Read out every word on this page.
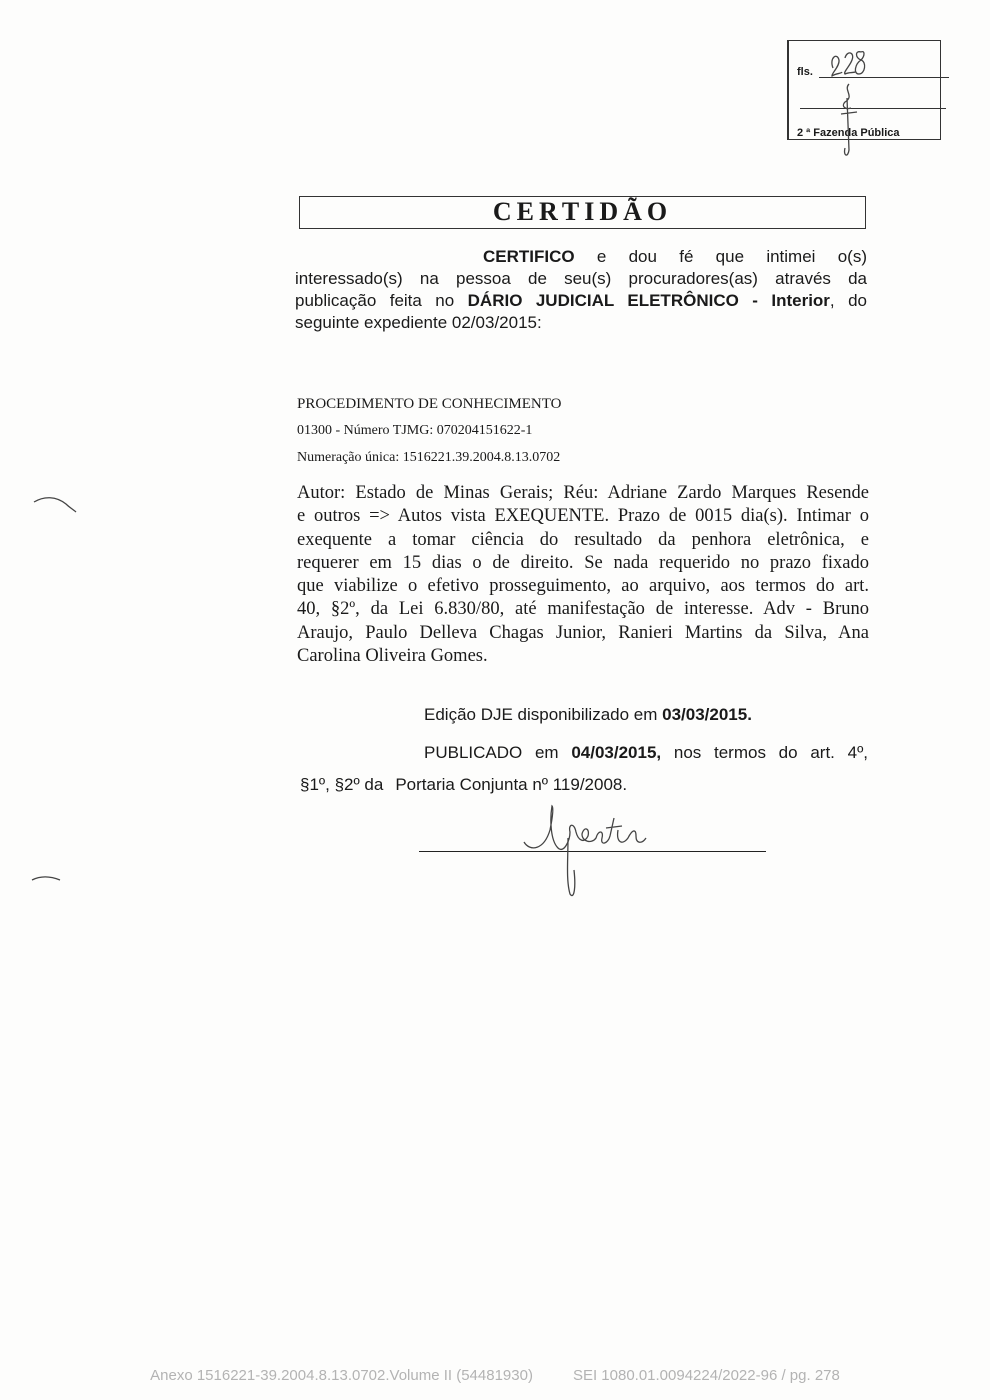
fls.
2 ª Fazenda Pública
CERTIDÃO
CERTIFICO e dou fé que intimei o(s)
interessado(s) na pessoa de seu(s) procuradores(as) através da
publicação feita no DÁRIO JUDICIAL ELETRÔNICO - Interior, do
seguinte expediente 02/03/2015:
PROCEDIMENTO DE CONHECIMENTO
01300 - Número TJMG: 070204151622-1
Numeração única: 1516221.39.2004.8.13.0702
Autor: Estado de Minas Gerais; Réu: Adriane Zardo Marques Resende
e outros => Autos vista EXEQUENTE. Prazo de 0015 dia(s). Intimar o
exequente a tomar ciência do resultado da penhora eletrônica, e
requerer em 15 dias o de direito. Se nada requerido no prazo fixado
que viabilize o efetivo prosseguimento, ao arquivo, aos termos do art.
40, §2º, da Lei 6.830/80, até manifestação de interesse. Adv - Bruno
Araujo, Paulo Delleva Chagas Junior, Ranieri Martins da Silva, Ana
Carolina Oliveira Gomes.
Edição DJE disponibilizado em 03/03/2015.
PUBLICADO em 04/03/2015, nos termos do art. 4º,
§1º, §2º da Portaria Conjunta nº 119/2008.
Anexo 1516221-39.2004.8.13.0702.Volume II (54481930)	SEI 1080.01.0094224/2022-96 / pg. 278
